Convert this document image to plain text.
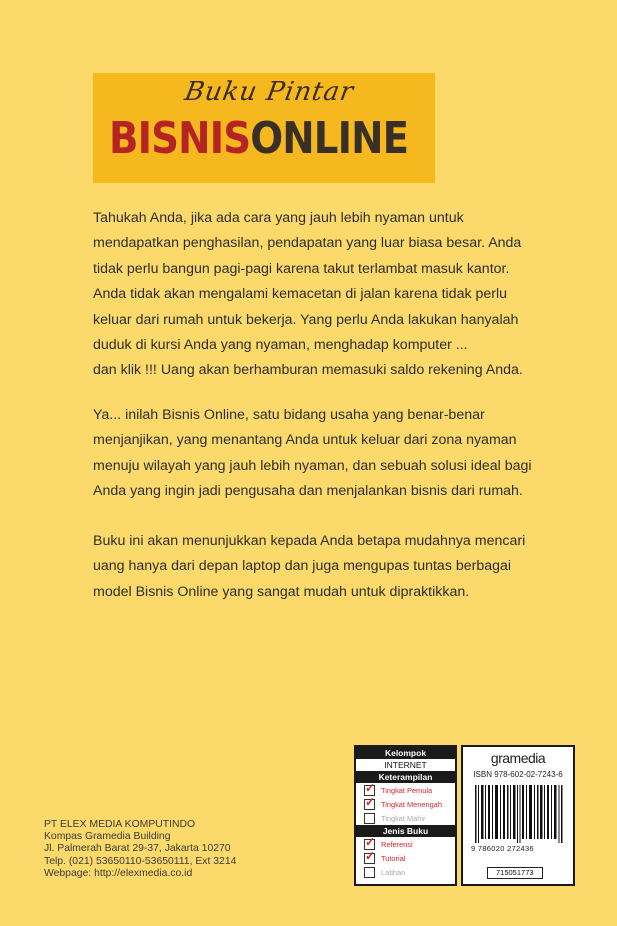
Buku Pintar
BISNISONLINE
Tahukah Anda, jika ada cara yang jauh lebih nyaman untuk
mendapatkan penghasilan, pendapatan yang luar biasa besar. Anda
tidak perlu bangun pagi-pagi karena takut terlambat masuk kantor.
Anda tidak akan mengalami kemacetan di jalan karena tidak perlu
keluar dari rumah untuk bekerja. Yang perlu Anda lakukan hanyalah
duduk di kursi Anda yang nyaman, menghadap komputer ...
dan klik !!! Uang akan berhamburan memasuki saldo rekening Anda.
Ya... inilah Bisnis Online, satu bidang usaha yang benar-benar
menjanjikan, yang menantang Anda untuk keluar dari zona nyaman
menuju wilayah yang jauh lebih nyaman, dan sebuah solusi ideal bagi
Anda yang ingin jadi pengusaha dan menjalankan bisnis dari rumah.
Buku ini akan menunjukkan kepada Anda betapa mudahnya mencari
uang hanya dari depan laptop dan juga mengupas tuntas berbagai
model Bisnis Online yang sangat mudah untuk dipraktikkan.
PT ELEX MEDIA KOMPUTINDO
Kompas Gramedia Building
Jl. Palmerah Barat 29-37, Jakarta 10270
Telp. (021) 53650110-53650111, Ext 3214
Webpage: http://elexmedia.co.id
Kelompok
INTERNET
Keterampilan
✓
Tingkat Pemula
✓
Tingkat Menengah
Tingkat Mahir
Jenis Buku
✓
Referensi
✓
Tutorial
Latihan
gramedia
ISBN 978-602-02-7243-6
9 786020 272436
715051773
